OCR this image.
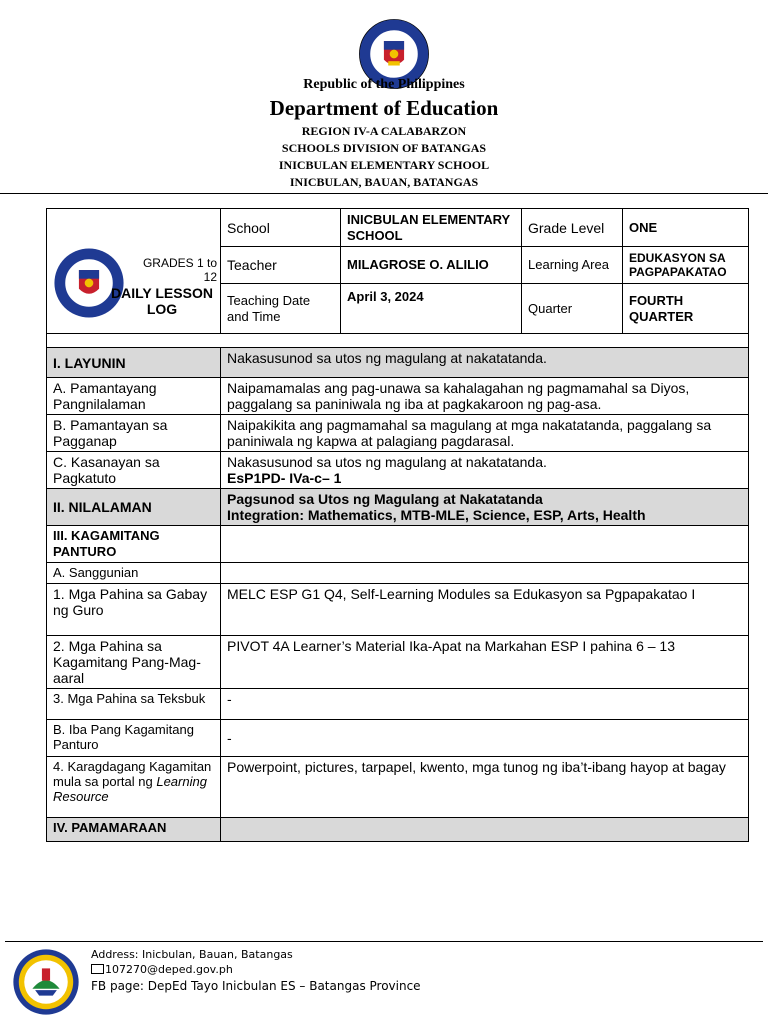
Republic of the Philippines
Department of Education
REGION IV-A CALABARZON
SCHOOLS DIVISION OF BATANGAS
INICBULAN ELEMENTARY SCHOOL
INICBULAN, BAUAN, BATANGAS
GRADES 1 to 12
DAILY LESSON LOG	School	INICBULAN ELEMENTARY SCHOOL	Grade Level	ONE
	Teacher	MILAGROSE O. ALILIO	Learning Area	EDUKASYON SA PAGPAPAKATAO
	Teaching Date and Time	April 3, 2024	Quarter	FOURTH QUARTER

I. LAYUNIN	Nakasusunod sa utos ng magulang at nakatatanda.			
A. Pamantayang Pangnilalaman	Naipamamalas ang pag-unawa sa kahalagahan ng pagmamahal sa Diyos, paggalang sa paniniwala ng iba at pagkakaroon ng pag-asa.			
B. Pamantayan sa Pagganap	Naipakikita ang pagmamahal sa magulang at mga nakatatanda, paggalang sa paniniwala ng kapwa at palagiang pagdarasal.			
C. Kasanayan sa Pagkatuto	Nakasusunod sa utos ng magulang at nakatatanda.
EsP1PD- IVa-c– 1			

II. NILALAMAN	Pagsunod sa Utos ng Magulang at Nakatatanda
Integration: Mathematics, MTB-MLE, Science, ESP, Arts, Health			

III. KAGAMITANG PANTURO				
A. Sanggunian				
1. Mga Pahina sa Gabay ng Guro	MELC ESP G1 Q4, Self-Learning Modules sa Edukasyon sa Pgpapakatao I			
2. Mga Pahina sa Kagamitang Pang-Mag-aaral	PIVOT 4A Learner’s Material Ika-Apat na Markahan ESP I pahina 6 – 13			
3. Mga Pahina sa Teksbuk	-			
B. Iba Pang Kagamitang Panturo	-			
4. Karagdagang Kagamitan mula sa portal ng Learning Resource	Powerpoint, pictures, tarpapel, kwento, mga tunog ng iba’t-ibang hayop at bagay			
IV. PAMAMARAAN				
Address: Inicbulan, Bauan, Batangas
107270@deped.gov.ph
FB page: DepEd Tayo Inicbulan ES – Batangas Province
